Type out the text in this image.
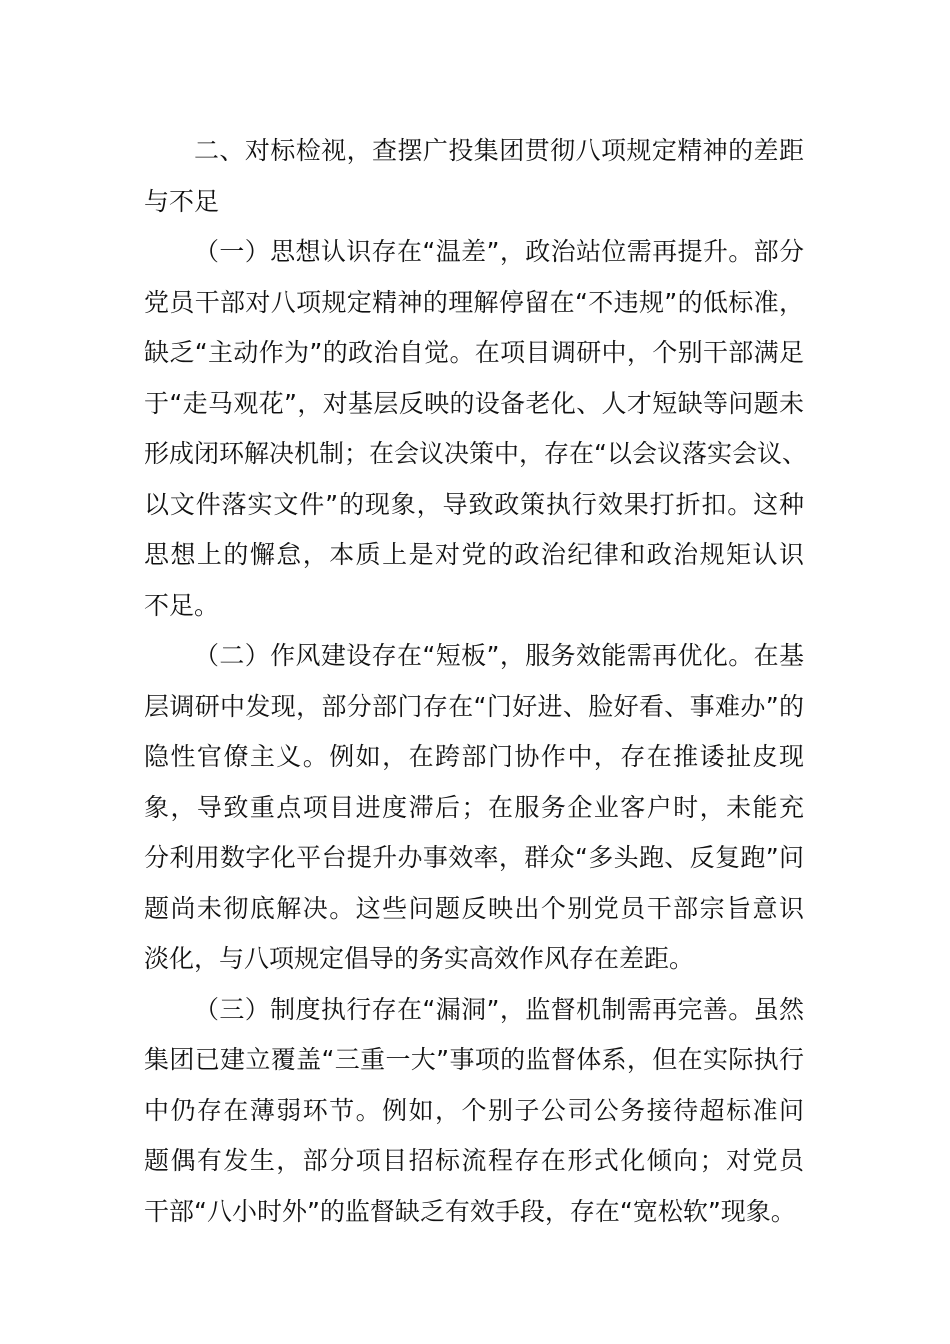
二、对标检视，查摆广投集团贯彻八项规定精神的差距
与不足
（一）思想认识存在“温差”，政治站位需再提升。部分
党员干部对八项规定精神的理解停留在“不违规”的低标准，
缺乏“主动作为”的政治自觉。在项目调研中，个别干部满足
于“走马观花”，对基层反映的设备老化、人才短缺等问题未
形成闭环解决机制；在会议决策中，存在“以会议落实会议、
以文件落实文件”的现象，导致政策执行效果打折扣。这种
思想上的懈怠，本质上是对党的政治纪律和政治规矩认识
不足。
（二）作风建设存在“短板”，服务效能需再优化。在基
层调研中发现，部分部门存在“门好进、脸好看、事难办”的
隐性官僚主义。例如，在跨部门协作中，存在推诿扯皮现
象，导致重点项目进度滞后；在服务企业客户时，未能充
分利用数字化平台提升办事效率，群众“多头跑、反复跑”问
题尚未彻底解决。这些问题反映出个别党员干部宗旨意识
淡化，与八项规定倡导的务实高效作风存在差距。
（三）制度执行存在“漏洞”，监督机制需再完善。虽然
集团已建立覆盖“三重一大”事项的监督体系，但在实际执行
中仍存在薄弱环节。例如，个别子公司公务接待超标准问
题偶有发生，部分项目招标流程存在形式化倾向；对党员
干部“八小时外”的监督缺乏有效手段，存在“宽松软”现象。
